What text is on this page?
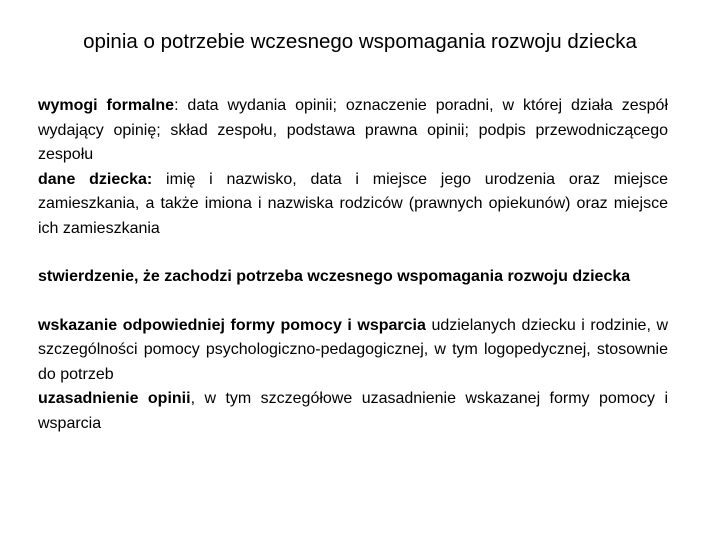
opinia o potrzebie wczesnego wspomagania rozwoju dziecka

wymogi formalne: data wydania opinii; oznaczenie poradni, w której działa zespół wydający opinię; skład zespołu, podstawa prawna opinii; podpis przewodniczącego zespołu

dane dziecka: imię i nazwisko, data i miejsce jego urodzenia oraz miejsce zamieszkania, a także imiona i nazwiska rodziców (prawnych opiekunów) oraz miejsce ich zamieszkania

stwierdzenie, że zachodzi potrzeba wczesnego wspomagania rozwoju dziecka

wskazanie odpowiedniej formy pomocy i wsparcia udzielanych dziecku i rodzinie, w szczególności pomocy psychologiczno-pedagogicznej, w tym logopedycznej, stosownie do potrzeb

uzasadnienie opinii, w tym szczegółowe uzasadnienie wskazanej formy pomocy i wsparcia
